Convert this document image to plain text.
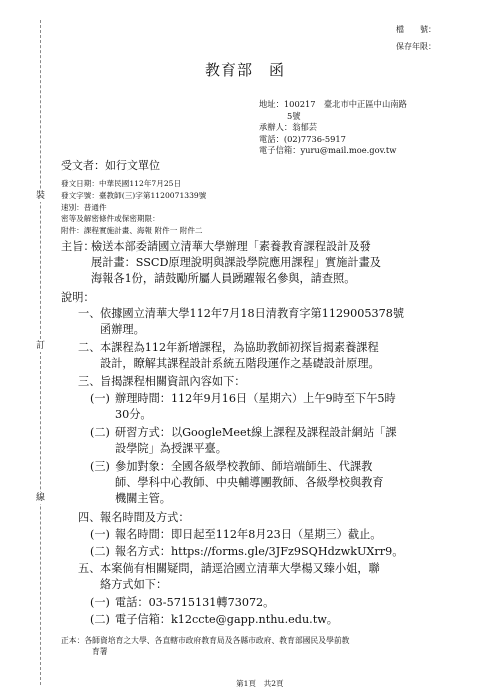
裝
訂
線
檔　　號：
保存年限：
教育部　函
地址：100217　臺北市中正區中山南路
5號
承辦人：翁郁芸
電話：(02)7736-5917
電子信箱：yuru@mail.moe.gov.tw
受文者：如行文單位
發文日期：中華民國112年7月25日
發文字號：臺教師(三)字第1120071339號
速別：普通件
密等及解密條件或保密期限：
附件：課程實施計畫、海報 附件一 附件二
主旨：
檢送本部委請國立清華大學辦理「素養教育課程設計及發
展計畫：SSCD原理說明與課設學院應用課程」實施計畫及
海報各1份，請鼓勵所屬人員踴躍報名參與，請查照。
說明：
一、 依據國立清華大學112年7月18日清教育字第1129005378號
函辦理。
二、 本課程為112年新增課程，為協助教師初探旨揭素養課程
設計，瞭解其課程設計系統五階段運作之基礎設計原理。
三、 旨揭課程相關資訊內容如下：
(一) 辦理時間：112年9月16日（星期六）上午9時至下午5時
30分。
(二) 研習方式：以GoogleMeet線上課程及課程設計網站「課
設學院」為授課平臺。
(三) 參加對象：全國各級學校教師、師培端師生、代課教
師、學科中心教師、中央輔導團教師、各級學校與教育
機關主管。
四、 報名時間及方式：
(一) 報名時間：即日起至112年8月23日（星期三）截止。
(二) 報名方式：https://forms.gle/3JFz9SQHdzwkUXrr9。
五、 本案倘有相關疑問，請逕洽國立清華大學楊又臻小姐，聯
絡方式如下：
(一) 電話：03-5715131轉73072。
(二) 電子信箱：k12ccte@gapp.nthu.edu.tw。
正本：各師資培育之大學、各直轄市政府教育局及各縣市政府、教育部國民及學前教
育署
第1頁　共2頁
